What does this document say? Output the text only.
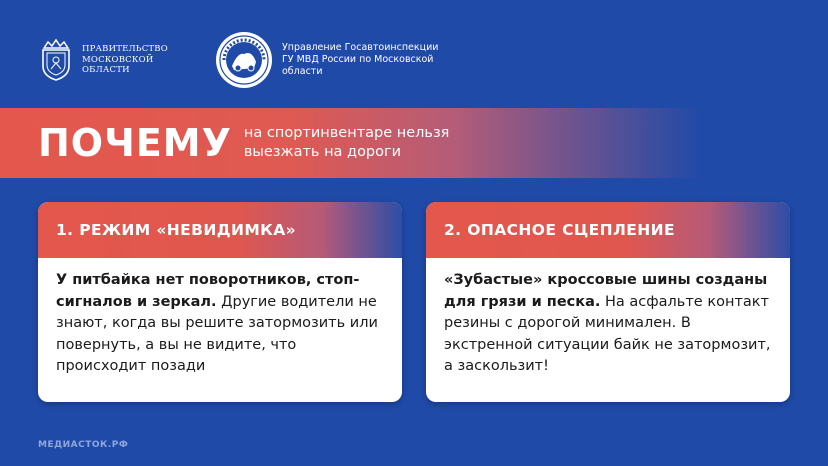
ПРАВИТЕЛЬСТВО МОСКОВСКОЙ ОБЛАСТИ
Управление Госавтоинспекции ГУ МВД России по Московской области
ПОЧЕМУ на спортинвентаре нельзя выезжать на дороги
1. РЕЖИМ «НЕВИДИМКА»
У питбайка нет поворотников, стоп-сигналов и зеркал. Другие водители не знают, когда вы решите затормозить или повернуть, а вы не видите, что происходит позади
2. ОПАСНОЕ СЦЕПЛЕНИЕ
«Зубастые» кроссовые шины созданы для грязи и песка. На асфальте контакт резины с дорогой минимален. В экстренной ситуации байк не затормозит, а заскользит!
МЕДИАСТОК.РФ
